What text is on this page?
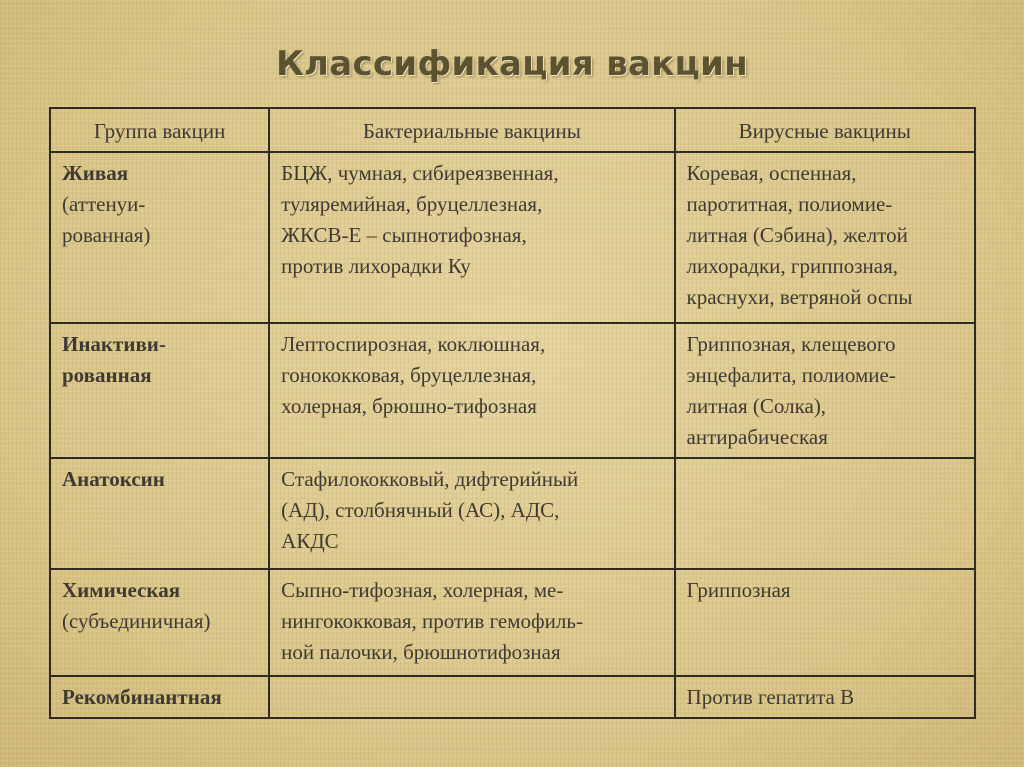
Классификация вакцин
Группа вакцин	Бактериальные вакцины	Вирусные вакцины

Живая
(аттенуи-
рованная)	БЦЖ, чумная, сибиреязвенная,
туляремийная, бруцеллезная,
ЖКСВ-Е – сыпнотифозная,
против лихорадки Ку	Коревая, оспенная,
паротитная, полиомие-
литная (Сэбина), желтой
лихорадки, гриппозная,
краснухи, ветряной оспы

Инактиви-
рованная	Лептоспирозная, коклюшная,
гонококковая, бруцеллезная,
холерная, брюшно-тифозная	Гриппозная, клещевого
энцефалита, полиомие-
литная (Солка),
антирабическая

Анатоксин	Стафилококковый, дифтерийный
(АД), столбнячный (АС), АДС,
АКДС	

Химическая
(субъединичная)	Сыпно-тифозная, холерная, ме-
нингококковая, против гемофиль-
ной палочки, брюшнотифозная	Гриппозная

Рекомбинантная		Против гепатита В
